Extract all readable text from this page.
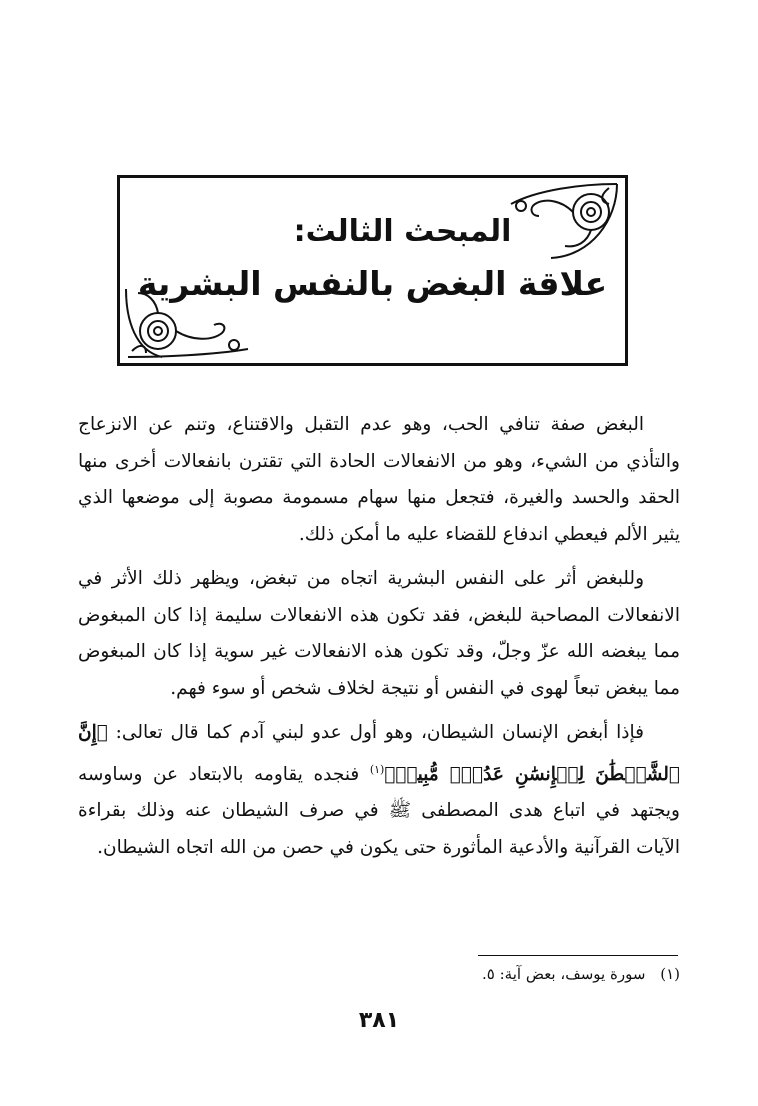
المبحث الثالث:
علاقة البغض بالنفس البشرية

البغض صفة تنافي الحب، وهو عدم التقبل والاقتناع، وتنم عن الانزعاج والتأذي من الشيء، وهو من الانفعالات الحادة التي تقترن بانفعالات أخرى منها الحقد والحسد والغيرة، فتجعل منها سهام مسمومة مصوبة إلى موضعها الذي يثير الألم فيعطي اندفاع للقضاء عليه ما أمكن ذلك.

وللبغض أثر على النفس البشرية اتجاه من تبغض، ويظهر ذلك الأثر في الانفعالات المصاحبة للبغض، فقد تكون هذه الانفعالات سليمة إذا كان المبغوض مما يبغضه الله عزّ وجلّ، وقد تكون هذه الانفعالات غير سوية إذا كان المبغوض مما يبغض تبعاً لهوى في النفس أو نتيجة لخلاف شخص أو سوء فهم.

فإذا أبغض الإنسان الشيطان، وهو أول عدو لبني آدم كما قال تعالى: ﴿إِنَّ ٱلشَّيۡطَٰنَ لِلۡإِنسَٰنِ عَدُوّٞ مُّبِينٞ﴾$^{(١)}$ فنجده يقاومه بالابتعاد عن وساوسه ويجتهد في اتباع هدى المصطفى ﷺ في صرف الشيطان عنه وذلك بقراءة الآيات القرآنية والأدعية المأثورة حتى يكون في حصن من الله اتجاه الشيطان.

(١) سورة يوسف، بعض آية: ٥.
٣٨١
